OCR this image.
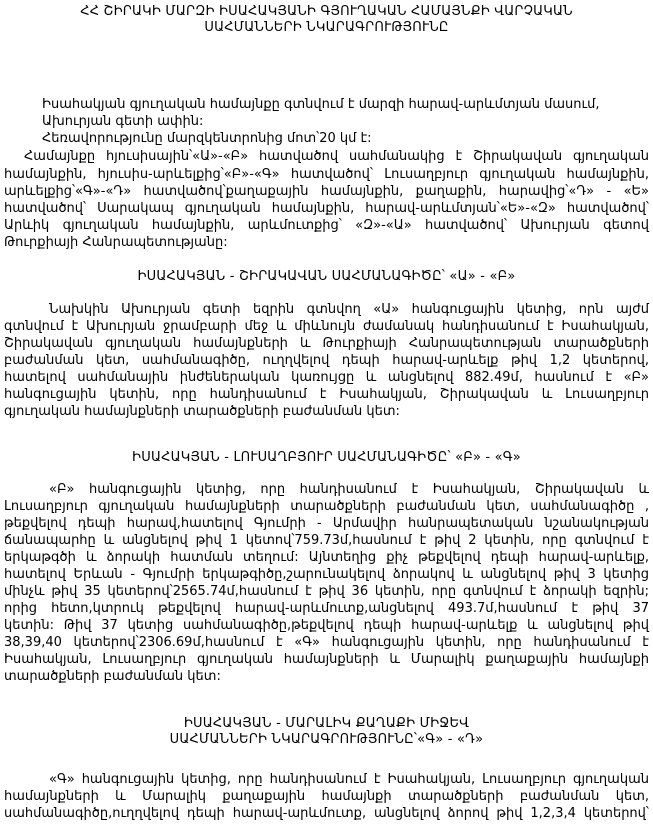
ՀՀ ՇԻՐԱԿԻ ՄԱՐԶԻ ԻՍԱՀԱԿՅԱՆԻ ԳՅՈՒՂԱԿԱՆ ՀԱՄԱՅՆՔԻ ՎԱՐՉԱԿԱՆ
ՍԱՀՄԱՆՆԵՐԻ ՆԿԱՐԱԳՐՈՒԹՅՈՒՆԸ
Իսահակյան գյուղական համայնքը գտնվում է մարզի հարավ-արևմտյան մասում,
Ախուրյան գետի ափին:
Հեռավորությունը մարզկենտրոնից մոտ՝20 կմ է:
Համայնքը հյուսիսային՝«Ա»-«Բ» հատվածով սահմանակից է Շիրակավան գյուղական
համայնքին, հյուսիս-արևելքից՝«Բ»-«Գ» հատվածով՝ Լուսաղբյուր գյուղական համայնքին,
արևելքից՝«Գ»-«Դ» հատվածով՝քաղաքային համայնքին, քաղաքին, հարավից՝«Դ» - «Ե»
հատվածով՝ Սարակապ գյուղական համայնքին, հարավ-արևմտյան՝«Ե»-«Զ» հատվածով՝
Արևիկ գյուղական համայնքին, արևմուտքից՝ «Զ»-«Ա» հատվածով՝ Ախուրյան գետով
Թուրքիայի Հանրապետությանը:
ԻՍԱՀԱԿՅԱՆ - ՇԻՐԱԿԱՎԱՆ ՍԱՀՄԱՆԱԳԻԾԸ՝ «Ա» - «Բ»
Նախկին Ախուրյան գետի եզրին գտնվող «Ա» հանգուցային կետից, որն այժմ
գտնվում է Ախուրյան ջրամբարի մեջ և միևնույն ժամանակ հանդիսանում է Իսահակյան,
Շիրակավան գյուղական համայնքների և Թուրքիայի Հանրապետության տարածքների
բաժանման կետ, սահմանագիծը, ուղղվելով դեպի հարավ-արևելք թիվ 1,2 կետերով,
հատելով սահմանային ինժեներական կառույցը և անցնելով 882.49մ, հասնում է «Բ»
հանգուցային կետին, որը հանդիսանում է Իսահակյան, Շիրակավան և Լուսաղբյուր
գյուղական համայնքների տարածքների բաժանման կետ:
ԻՍԱՀԱԿՅԱՆ - ԼՈՒՍԱՂԲՅՈՒՐ ՍԱՀՄԱՆԱԳԻԾԸ՝ «Բ» - «Գ»
«Բ» հանգուցային կետից, որը հանդիսանում է Իսահակյան, Շիրակավան և
Լուսաղբյուր գյուղական համայնքների տարածքների բաժանման կետ, սահմանագիծը ,
թեքվելով դեպի հարավ,հատելով Գյումրի - Արմավիր հանրապետական նշանակության
ճանապարհը և անցնելով թիվ 1 կետով՝759.73մ,հասնում է թիվ 2 կետին, որը գտնվում է
երկաթգծի և ձորակի հատման տեղում: Այնտեղից քիչ թեքվելով դեպի հարավ-արևելք,
հատելով Երևան - Գյումրի երկաթգիծը,շարունակելով ձորակով և անցնելով թիվ 3 կետից
մինչև թիվ 35 կետերով՝2565.74մ,հասնում է թիվ 36 կետին, որը գտնվում է ձորակի եզրին;
որից հետո,կտրուկ թեքվելով հարավ-արևմուտք,անցնելով 493.7մ,հասնում է թիվ 37
կետին: Թիվ 37 կետից սահմանագիծը,թեքվելով դեպի հարավ-արևելք և անցնելով թիվ
38,39,40 կետերով՝2306.69մ,հասնում է «Գ» հանգուցային կետին, որը հանդիսանում է
Իսահակյան, Լուսաղբյուր գյուղական համայնքների և Մարալիկ քաղաքային համայնքի
տարածքների բաժանման կետ:
ԻՍԱՀԱԿՅԱՆ - ՄԱՐԱԼԻԿ ՔԱՂԱՔԻ ՄԻՋԵՎ
ՍԱՀՄԱՆՆԵՐԻ ՆԿԱՐԱԳՐՈՒԹՅՈՒՆԸ՝«Գ» - «Դ»
«Գ» հանգուցային կետից, որը հանդիսանում է Իսահակյան, Լուսաղբյուր գյուղական
համայնքների և Մարալիկ քաղաքային համայնքի տարածքների բաժանման կետ,
սահմանագիծը,ուղղվելով դեպի հարավ-արևմուտք, անցնելով ձորով թիվ 1,2,3,4 կետերով՝
